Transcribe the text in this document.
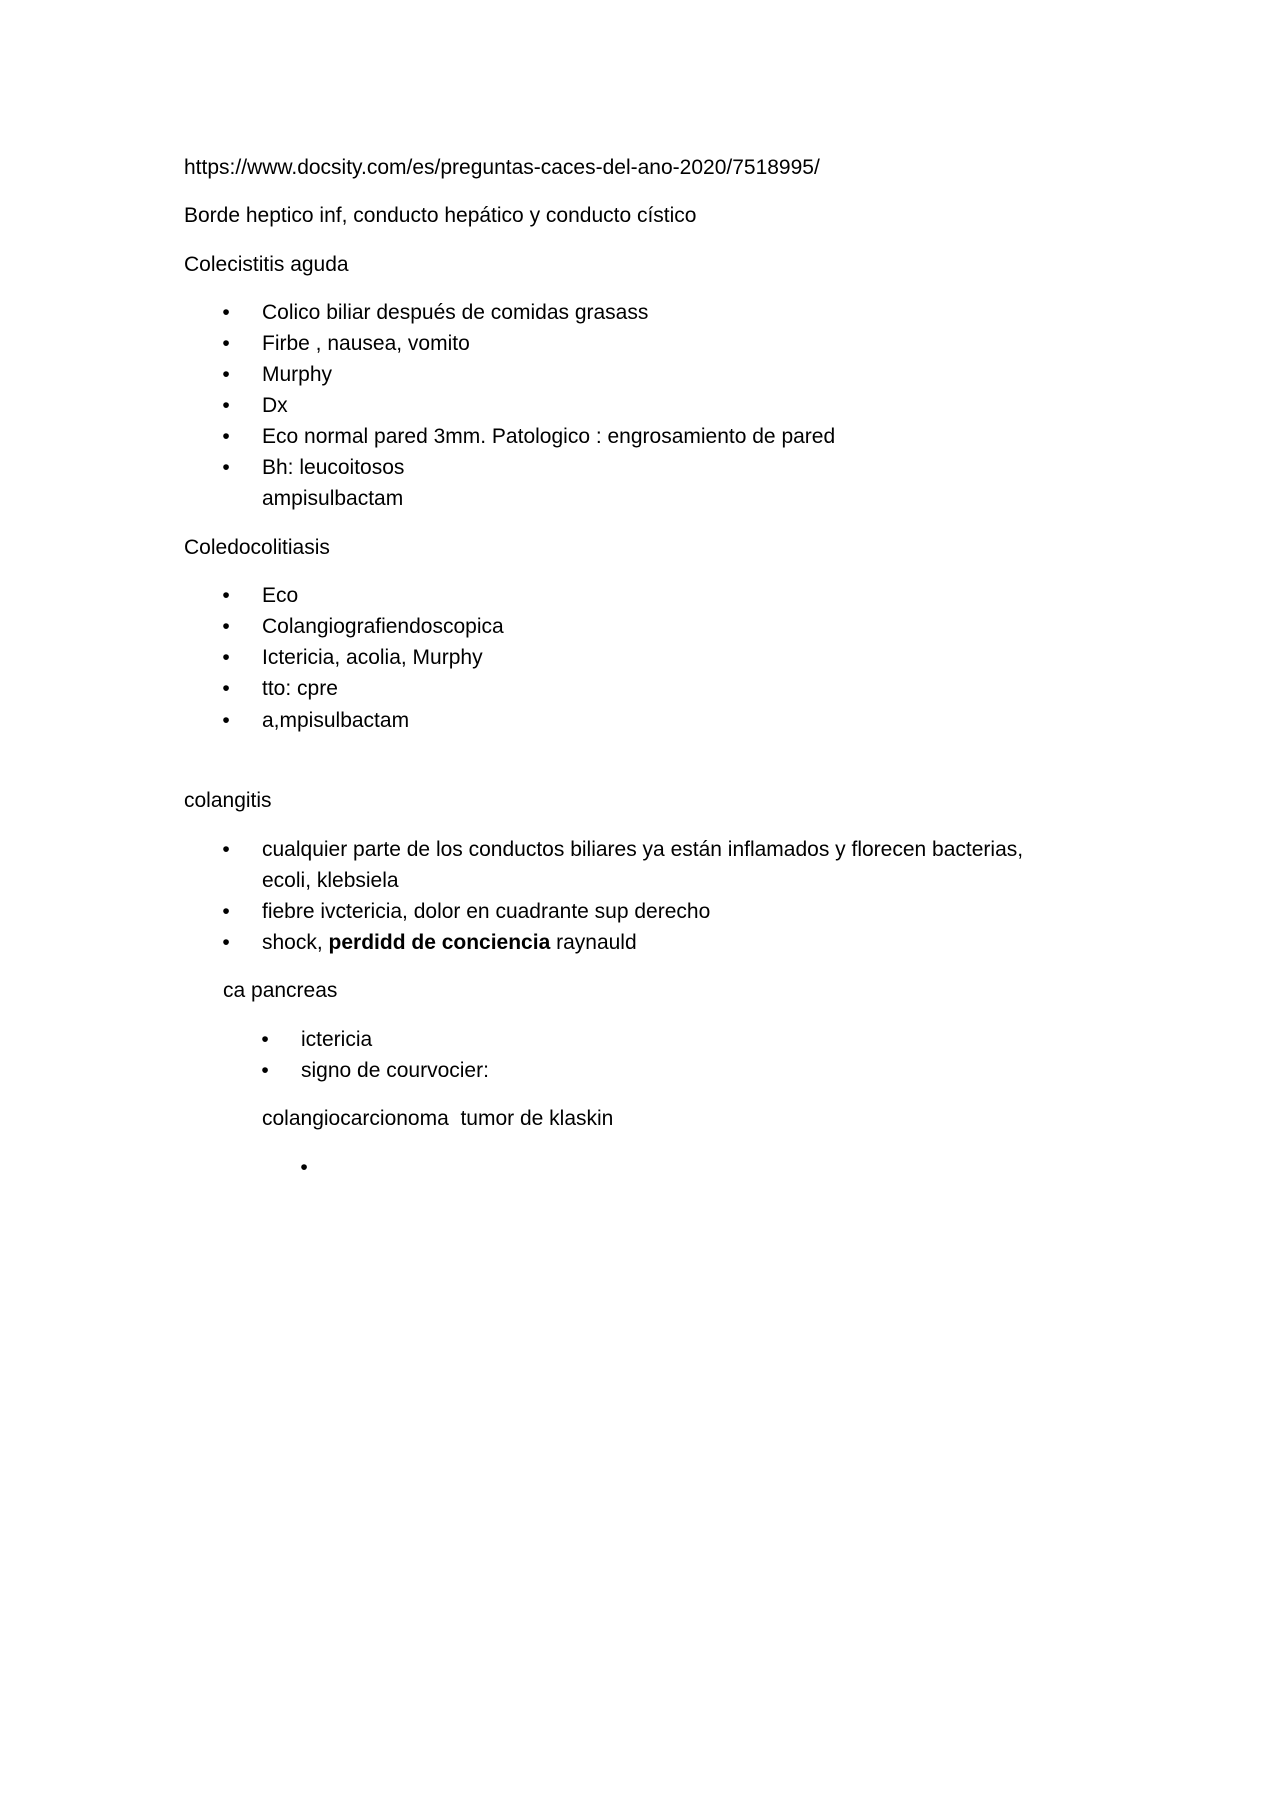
https://www.docsity.com/es/preguntas-caces-del-ano-2020/7518995/
Borde heptico inf, conducto hepático y conducto cístico
Colecistitis aguda
• Colico biliar después de comidas grasass
• Firbe , nausea, vomito
• Murphy
• Dx
• Eco normal pared 3mm. Patologico : engrosamiento de pared
• Bh: leucoitosos
ampisulbactam
Coledocolitiasis
• Eco
• Colangiografiendoscopica
• Ictericia, acolia, Murphy
• tto: cpre
• a,mpisulbactam
colangitis
• cualquier parte de los conductos biliares ya están inflamados y florecen bacterias, ecoli, klebsiela
• fiebre ivctericia, dolor en cuadrante sup derecho
• shock, perdidd de conciencia raynauld
ca pancreas
• ictericia
• signo de courvocier:
colangiocarcionoma  tumor de klaskin
•
